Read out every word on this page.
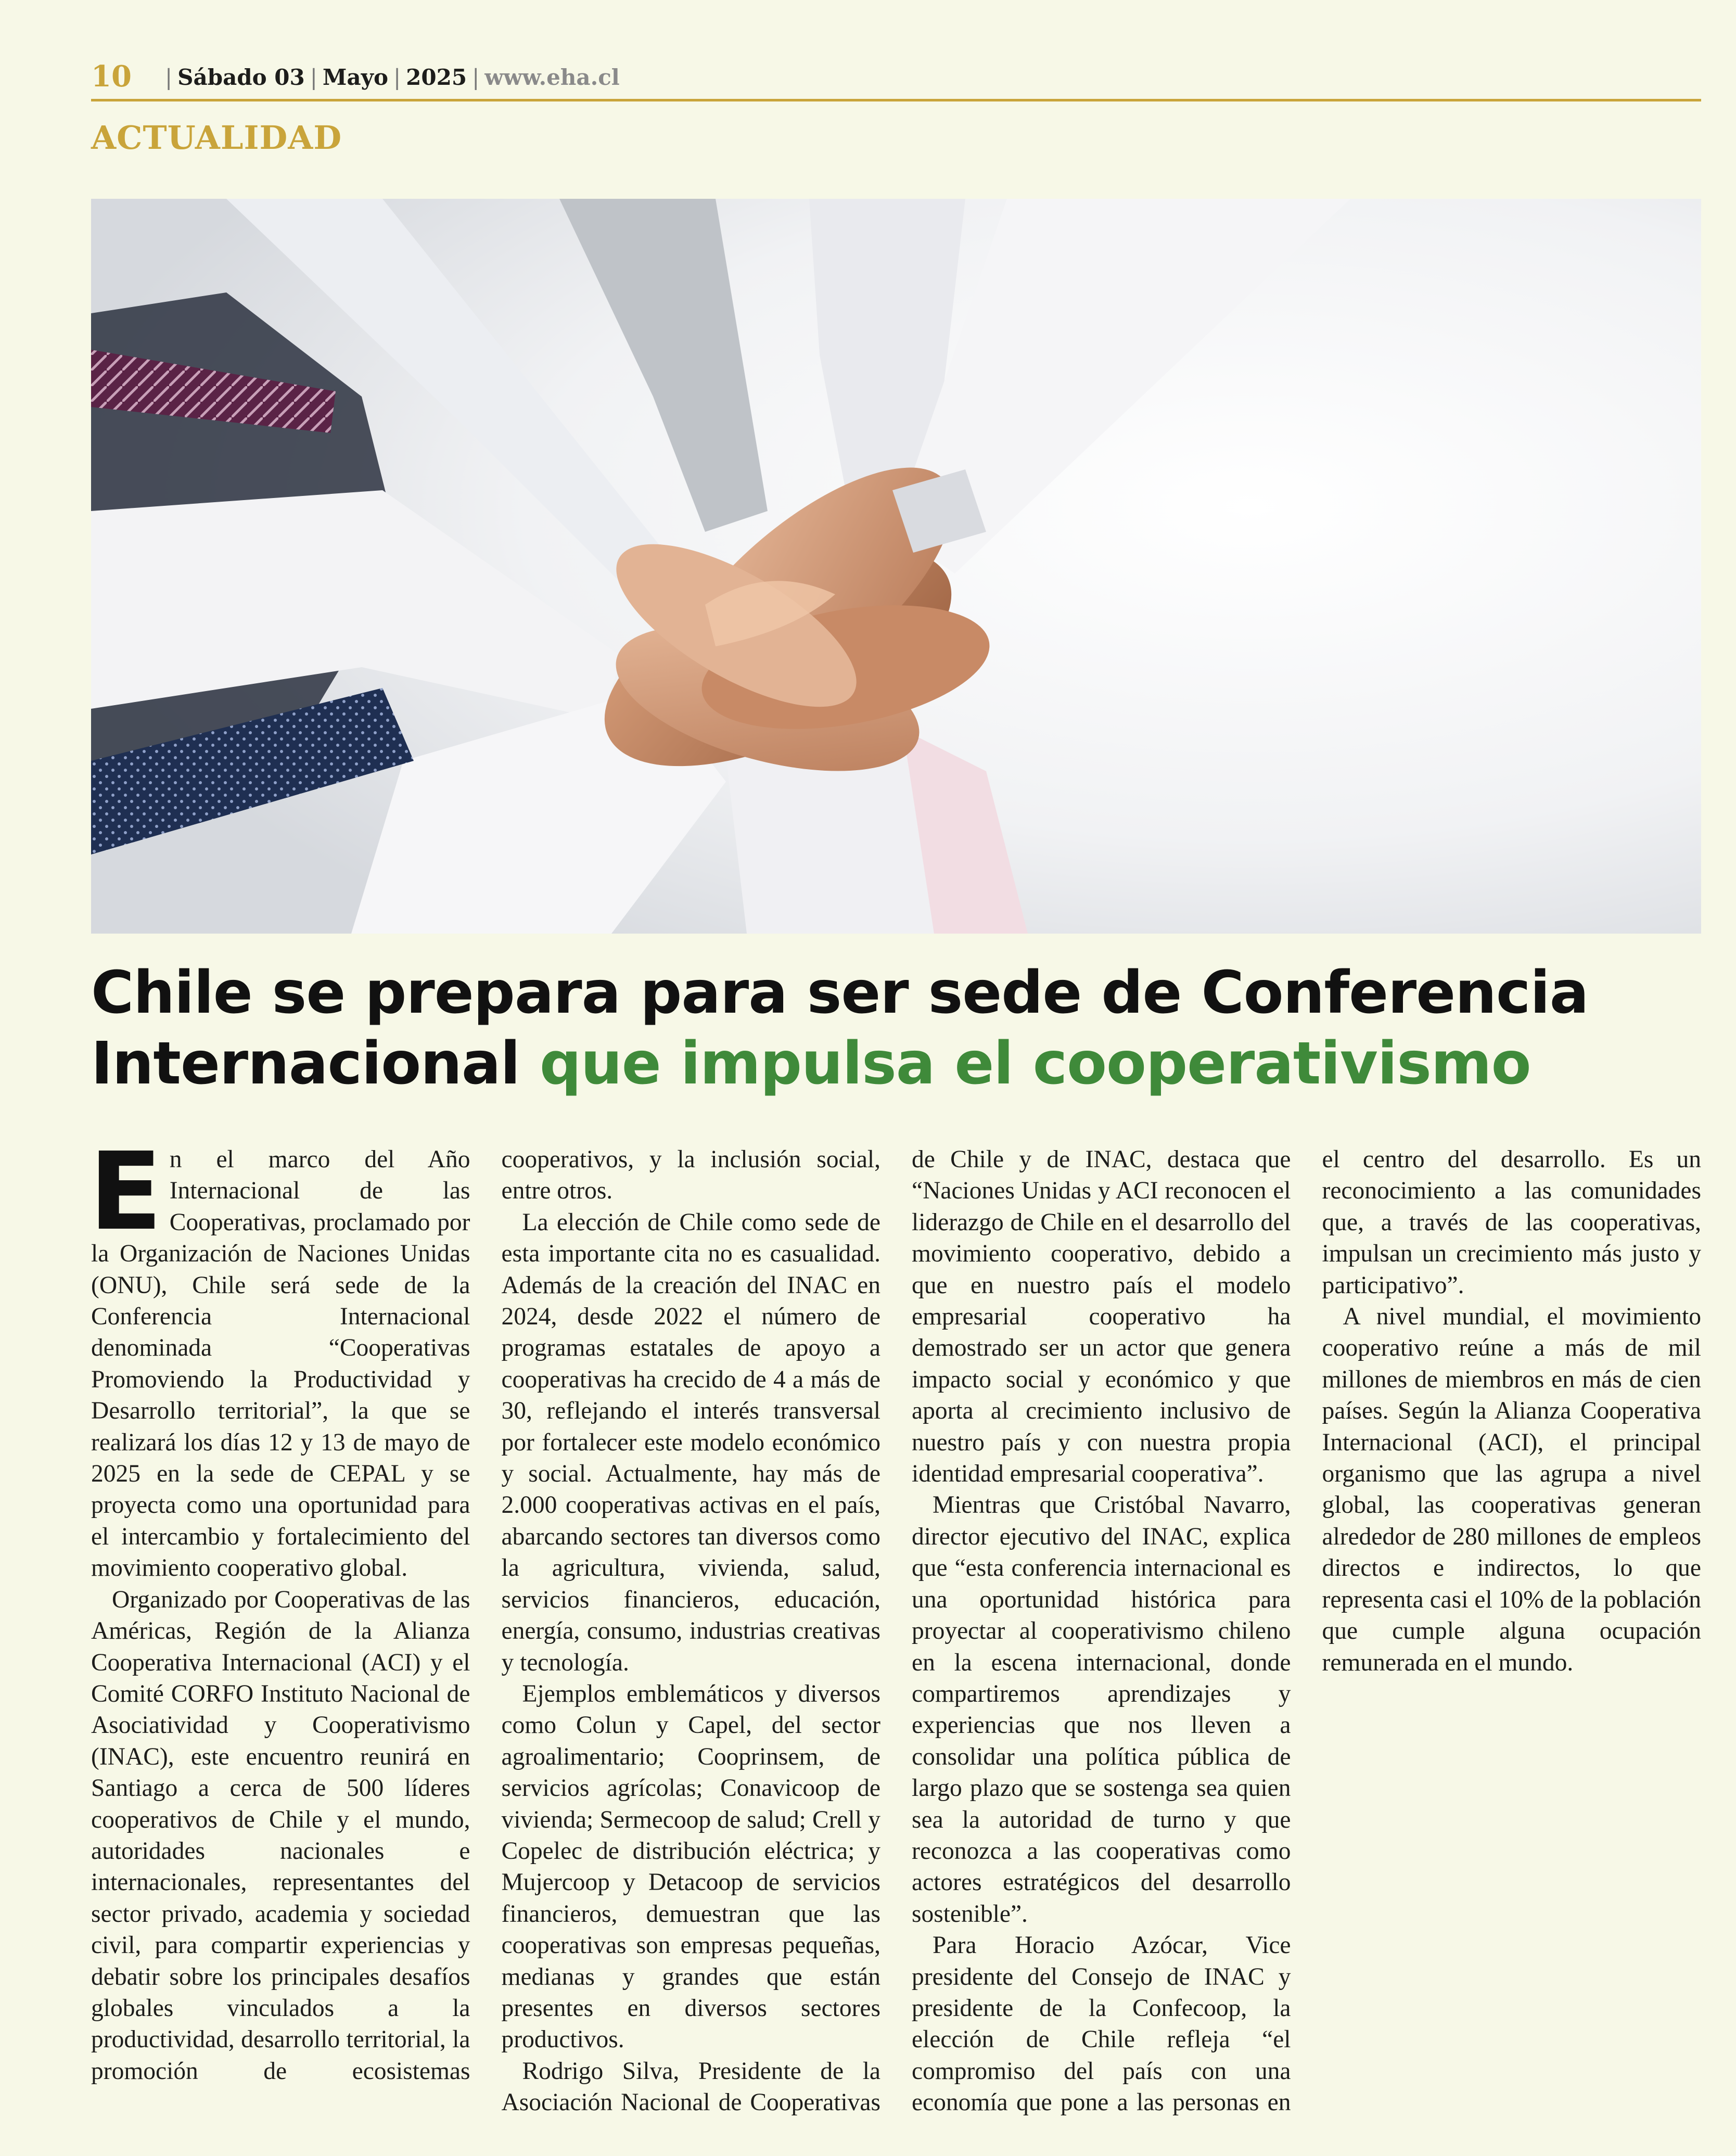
10 | Sábado 03 | Mayo | 2025 | www.eha.cl
ACTUALIDAD
Chile se prepara para ser sede de Conferencia Internacional que impulsa el cooperativismo

En el marco del Año Internacional de las Cooperativas, proclamado por la Organización de Naciones Unidas (ONU), Chile será sede de la Conferencia Internacional denominada “Cooperativas Promoviendo la Productividad y Desarrollo territorial”, la que se realizará los días 12 y 13 de mayo de 2025 en la sede de CEPAL y se proyecta como una oportunidad para el intercambio y fortalecimiento del movimiento cooperativo global.

Organizado por Cooperativas de las Américas, Región de la Alianza Cooperativa Internacional (ACI) y el Comité CORFO Instituto Nacional de Asociatividad y Cooperativismo (INAC), este encuentro reunirá en Santiago a cerca de 500 líderes cooperativos de Chile y el mundo, autoridades nacionales e internacionales, representantes del sector privado, academia y sociedad civil, para compartir experiencias y debatir sobre los principales desafíos globales vinculados a la productividad, desarrollo territorial, la promoción de ecosistemas cooperativos, y la inclusión social, entre otros.

La elección de Chile como sede de esta importante cita no es casualidad. Además de la creación del INAC en 2024, desde 2022 el número de programas estatales de apoyo a cooperativas ha crecido de 4 a más de 30, reflejando el interés transversal por fortalecer este modelo económico y social. Actualmente, hay más de 2.000 cooperativas activas en el país, abarcando sectores tan diversos como la agricultura, vivienda, salud, servicios financieros, educación, energía, consumo, industrias creativas y tecnología.

Ejemplos emblemáticos y diversos como Colun y Capel, del sector agroalimentario; Cooprinsem, de servicios agrícolas; Conavicoop de vivienda; Sermecoop de salud; Crell y Copelec de distribución eléctrica; y Mujercoop y Detacoop de servicios financieros, demuestran que las cooperativas son empresas pequeñas, medianas y grandes que están presentes en diversos sectores productivos.

Rodrigo Silva, Presidente de la Asociación Nacional de Cooperativas de Chile y de INAC, destaca que “Naciones Unidas y ACI reconocen el liderazgo de Chile en el desarrollo del movimiento cooperativo, debido a que en nuestro país el modelo empresarial cooperativo ha demostrado ser un actor que genera impacto social y económico y que aporta al crecimiento inclusivo de nuestro país y con nuestra propia identidad empresarial cooperativa”.

Mientras que Cristóbal Navarro, director ejecutivo del INAC, explica que “esta conferencia internacional es una oportunidad histórica para proyectar al cooperativismo chileno en la escena internacional, donde compartiremos aprendizajes y experiencias que nos lleven a consolidar una política pública de largo plazo que se sostenga sea quien sea la autoridad de turno y que reconozca a las cooperativas como actores estratégicos del desarrollo sostenible”.

Para Horacio Azócar, Vice presidente del Consejo de INAC y presidente de la Confecoop, la elección de Chile refleja “el compromiso del país con una economía que pone a las personas en el centro del desarrollo. Es un reconocimiento a las comunidades que, a través de las cooperativas, impulsan un crecimiento más justo y participativo”.

A nivel mundial, el movimiento cooperativo reúne a más de mil millones de miembros en más de cien países. Según la Alianza Cooperativa Internacional (ACI), el principal organismo que las agrupa a nivel global, las cooperativas generan alrededor de 280 millones de empleos directos e indirectos, lo que representa casi el 10% de la población que cumple alguna ocupación remunerada en el mundo.
